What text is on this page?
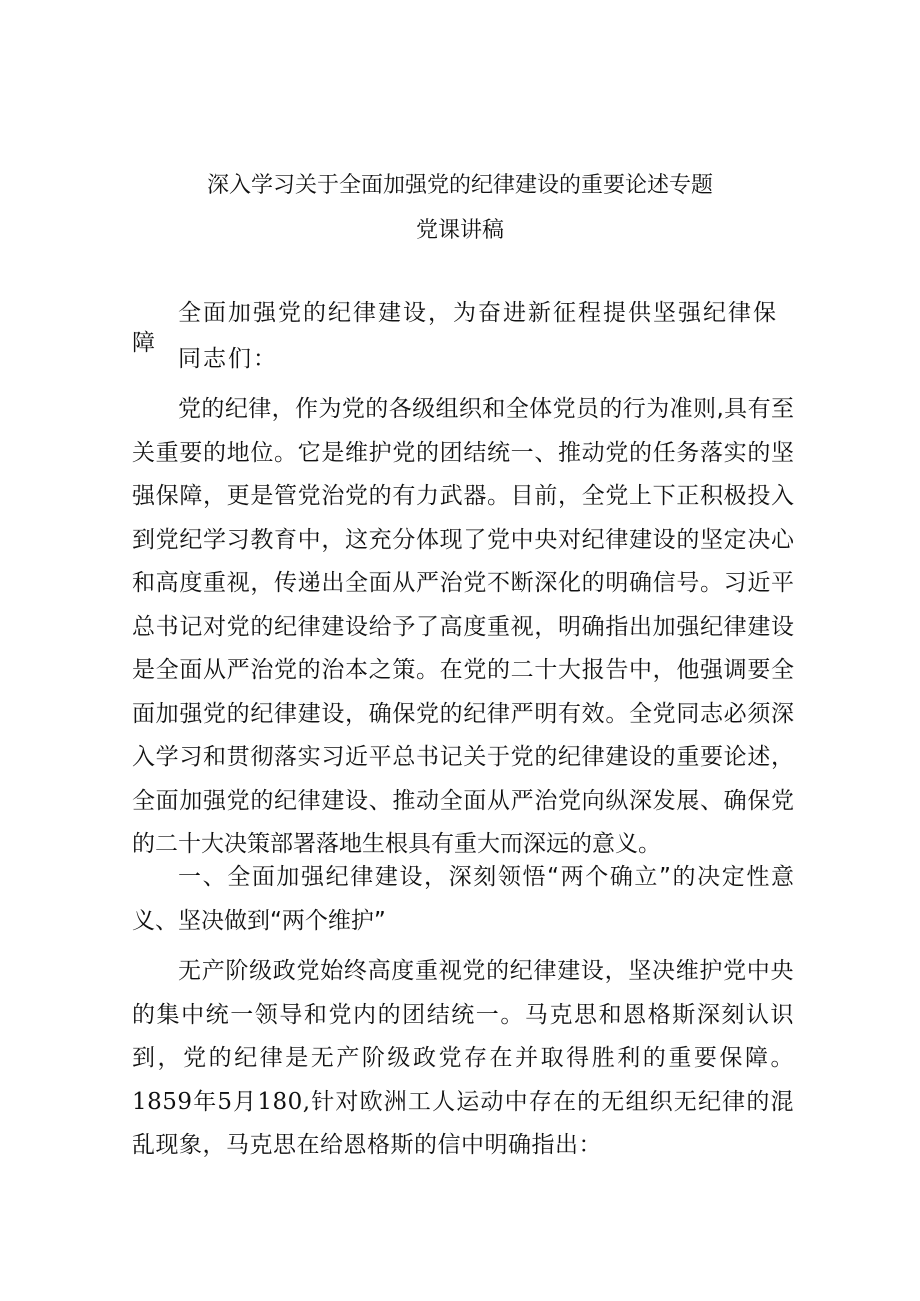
深入学习关于全面加强党的纪律建设的重要论述专题
党课讲稿

全面加强党的纪律建设，为奋进新征程提供坚强纪律保障

同志们：

党的纪律，作为党的各级组织和全体党员的行为准则,具有至关重要的地位。它是维护党的团结统一、推动党的任务落实的坚强保障，更是管党治党的有力武器。目前，全党上下正积极投入到党纪学习教育中，这充分体现了党中央对纪律建设的坚定决心和高度重视，传递出全面从严治党不断深化的明确信号。习近平总书记对党的纪律建设给予了高度重视，明确指出加强纪律建设是全面从严治党的治本之策。在党的二十大报告中，他强调要全面加强党的纪律建设，确保党的纪律严明有效。全党同志必须深入学习和贯彻落实习近平总书记关于党的纪律建设的重要论述，全面加强党的纪律建设、推动全面从严治党向纵深发展、确保党的二十大决策部署落地生根具有重大而深远的意义。

一、全面加强纪律建设，深刻领悟“两个确立”的决定性意义、坚决做到“两个维护”

无产阶级政党始终高度重视党的纪律建设，坚决维护党中央的集中统一领导和党内的团结统一。马克思和恩格斯深刻认识到，党的纪律是无产阶级政党存在并取得胜利的重要保障。1859年5月180,针对欧洲工人运动中存在的无组织无纪律的混乱现象，马克思在给恩格斯的信中明确指出：
